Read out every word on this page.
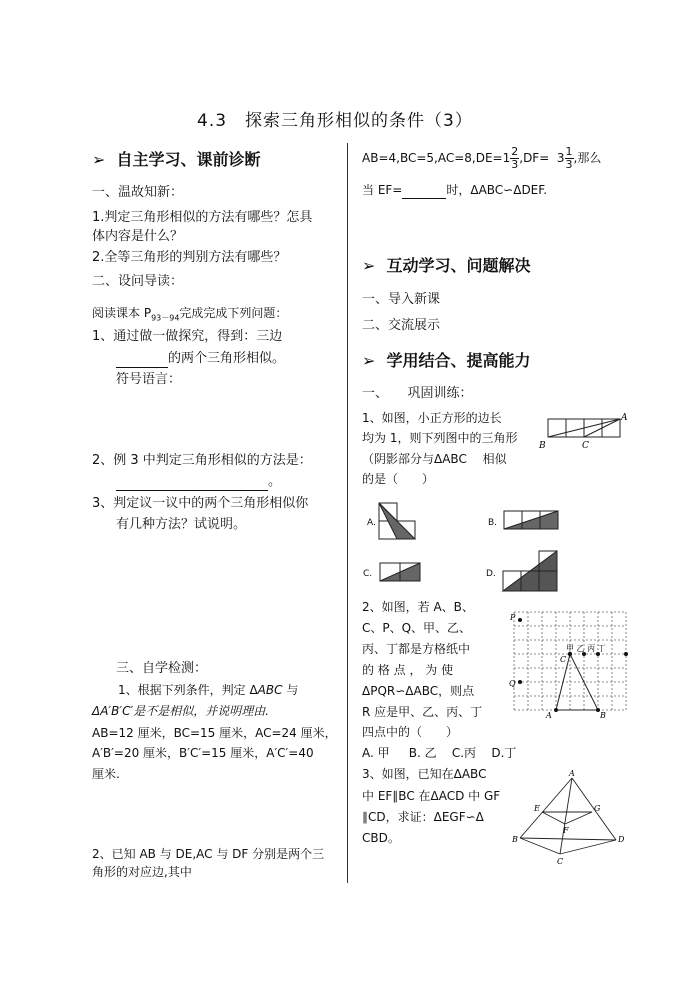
4.3　探索三角形相似的条件（3）
➢ 自主学习、课前诊断
一、温故知新：
1.判定三角形相似的方法有哪些？怎具
体内容是什么？
2.全等三角形的判别方法有哪些？
二、设问导读：
阅读课本 $P_{93-94}$完成完成下列问题：
1、通过做一做探究，得到：三边
的两个三角形相似。
符号语言：
2、例 3 中判定三角形相似的方法是：
。
3、判定议一议中的两个三角形相似你
有几种方法？试说明。
三、自学检测：
1、根据下列条件，判定 ΔABC 与
ΔA′B′C′是不是相似，并说明理由.
AB=12 厘米，BC=15 厘米，AC=24 厘米，
A′B′=20 厘米，B′C′=15 厘米，A′C′=40
厘米.
2、已知 AB 与 DE,AC 与 DF 分别是两个三
角形的对应边,其中
$AB=4,BC=5,AC=8,DE=1 \frac{2}{3} ,DF= 3 \frac{1}{3}$ ,那么
当 EF=	时，ΔABC∽ΔDEF.
➢ 互动学习、问题解决
一、导入新课
二、交流展示
➢ 学用结合、提高能力
一、　　巩固训练：
1、如图，小正方形的边长
均为 1，则下列图中的三角形
（阴影部分与ΔABC　 相似
的是（　　）
A
B	C
A.	B.
C.	D.
2、如图，若 A、B、
C、P、Q、甲、乙、
丙、丁都是方格纸中
的 格 点 ， 为 使
ΔPQR∽ΔABC，则点
R 应是甲、乙、丙、丁
四点中的（　　）
P
Q
甲 乙 丙 丁
C
A	B
A. 甲 B. 乙 C.丙 D.丁
3、如图，已知在ΔABC
中 EF∥BC 在ΔACD 中 GF
∥CD，求证：ΔEGF∽Δ
CBD。
A
B
C
D
E
F
G
